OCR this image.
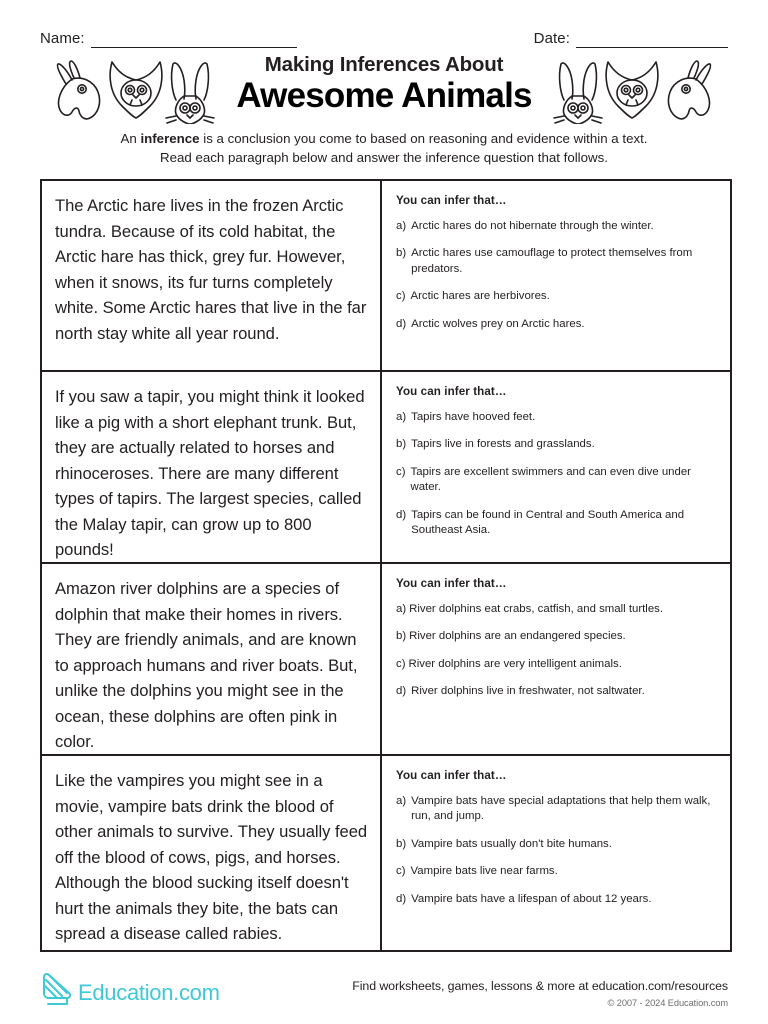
Name:	Date:
Making Inferences About
Awesome Animals
An inference is a conclusion you come to based on reasoning and evidence within a text.
Read each paragraph below and answer the inference question that follows.
The Arctic hare lives in the frozen Arctic tundra. Because of its cold habitat, the Arctic hare has thick, grey fur. However, when it snows, its fur turns completely white. Some Arctic hares that live in the far north stay white all year round.
You can infer that…
a) Arctic hares do not hibernate through the winter.
b) Arctic hares use camouflage to protect themselves from predators.
c) Arctic hares are herbivores.
d) Arctic wolves prey on Arctic hares.
If you saw a tapir, you might think it looked like a pig with a short elephant trunk. But, they are actually related to horses and rhinoceroses. There are many different types of tapirs. The largest species, called the Malay tapir, can grow up to 800 pounds!
You can infer that…
a) Tapirs have hooved feet.
b) Tapirs live in forests and grasslands.
c) Tapirs are excellent swimmers and can even dive under water.
d) Tapirs can be found in Central and South America and Southeast Asia.
Amazon river dolphins are a species of dolphin that make their homes in rivers. They are friendly animals, and are known to approach humans and river boats. But, unlike the dolphins you might see in the ocean, these dolphins are often pink in color.
You can infer that…
a) River dolphins eat crabs, catfish, and small turtles.
b) River dolphins are an endangered species.
c) River dolphins are very intelligent animals.
d) River dolphins live in freshwater, not saltwater.
Like the vampires you might see in a movie, vampire bats drink the blood of other animals to survive. They usually feed off the blood of cows, pigs, and horses. Although the blood sucking itself doesn't hurt the animals they bite, the bats can spread a disease called rabies.
You can infer that…
a) Vampire bats have special adaptations that help them walk, run, and jump.
b) Vampire bats usually don't bite humans.
c) Vampire bats live near farms.
d) Vampire bats have a lifespan of about 12 years.
Education.com	Find worksheets, games, lessons & more at education.com/resources
© 2007 - 2024 Education.com
